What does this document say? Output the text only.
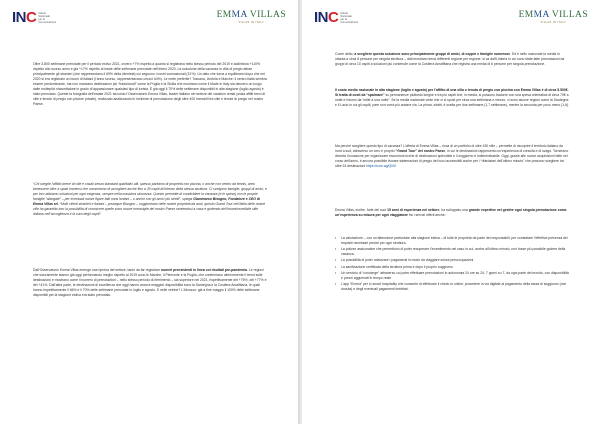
INC Istituto
Nazionale
per la
Comunicazione
EMMA VILLAS
VILLAS IN ITALY

Oltre 3.800 settimane prenotate per il periodo estivo 2021, ovvero +7% rispetto a quanto si registrava nello stesso periodo del 2019 e addirittura +110% rispetto allo scorso anno e già +17% rispetto al totale delle settimane prenotate nell’intero 2020. La soluzione della vacanza in villa di pregio attrae principalmente gli stranieri (che rappresentano il 69% della clientela) cui seguono i nostri connazionali (31%). Un dato che torna a equilibrarsi dopo che nel 2020 si era registrato un boom di italiani (l’anno scorso, rappresentavano circa il 64%). Le mete preferite? Toscana, Umbria e Marche: il centro Italia sembra essere predominante, ma non mancano destinazioni più “tradizionali” come la Puglia e la Sicilia che mostrano come il Made in Italy sia davvero un luogo dalle molteplici sfaccettature in grado di appassionare qualsiasi tipo di turista. È già oggi il 70% delle settimane disponibili in alta stagione (luglio-agosto) è stato prenotato. Queste la fotografia dell’estate 2021 secondo l’Osservatorio Emma Villas, leader italiano nel settore del vacation rental (ossia affitti brevi di ville e tenute di pregio con piscine private), realizzato analizzando le richieste di prenotazione degli oltre 400 immobili tra ville e tenute di pregio nel nostro Paese.

“Chi sceglie l’affitto breve di ville e casali senza standard qualitativi alti, spesso parliamo di proprietà con piscina, o anche con centro da tennis, area benessere oltre a spazi immensi che consentono di accogliere anche fino a 30 ospiti all’interno della stessa struttura. Ci scelgono famiglie, gruppi di amici, e per loro abbiamo soluzioni per ogni esigenza, sempre nella massima sicurezza. Questo permette di condividere la vacanza (e le spese) con le proprie famiglie “allargate” – per eventuali nuove figure fatti mesi lontani – o anche con gli amici più stretti”, spiega Giammarco Bisogno, Fondatore e CEO di Emma Villas srl. “Molti clienti stranieri e italiani – prosegue Bisogno – soggiornano nelle nostre proprietà da anni, questo Grand Tour nell’Italia delle nostre ville ha garantito loro la possibilità di conoscere quelle sono nuove meraviglie del nostro Paese sentendosi a casa e godendo dell’incontrovertibile stile italiano nell’accoglienza e la cura degli ospiti”.

Dall’Osservatorio Emma Villas emerge una ripresa del settore, tanto da far registrare numeri preesistenti in linea coi risultati pre-pandemia. Le regioni che sicuramente stanno già oggi performando meglio rispetto al 2019 sono le Marche, il Piemonte e la Puglia, che confermano ulteriormente il trend sulle destinazioni e mostrano come il numero di prenotazioni – nello stesso periodo di riferimento – sia superiore nel 2021, rispettivamente del +75%, del +77% e del +41%. Dall’altra parte, le destinazioni di eccellenza che oggi hanno ancora maggiori disponibilità sono la Sardegna e la Costiera Amalfitana, le quali hanno rispettivamente il 66% e il 70% delle settimane prenotate in luglio e agosto. E nelle vetrine? L’Abruzzo: già a fine maggio il 100% delle settimane disponibili per la stagione estiva era stato prenotato.

INC Istituto
Nazionale
per la
Comunicazione
EMMA VILLAS
VILLAS IN ITALY

Come detto, a scegliere questa soluzione sono principalmente gruppi di amici, di coppie e famiglie numerose. Ed è nello nazionale la media in ottanta a circa 8 persone per singola struttura – dati mostrano trend differenti regione per regione: si va dall’Umbria in cui sono state fatte prenotazioni da gruppi di circa 10 ospiti a soluzioni più contenute come la Costiera Amalfitana che registra una media di 6 persone per singola prenotazione.

Il costo medio nazionale in alta stagione (luglio e agosto) per l’affitto di una villa o tenuta di pregio con piscina con Emma Villas è di circa 5.500€. Si tratta di costi da “spalmare” su permanenze piuttosto lunghe e tra più ospiti che, in media, si possono tradurre con una spesa orientativa di circa 70€ a notte e intorno da “mille a una notte”. Se la media nazionale vede che ci si spost per circa una settimana e mezzo, vi sono alcune regioni come la Sardegna e il Lazio in cui gli ospiti, pare non vorrà più andare via. La prima, infatti, è scelta per due settimane (1,7 settimane), mentre la seconda per poco meno (1,6).

Ma perché scegliere questo tipo di vacanza? L’offerta di Emma Villas – ricca di un portfolio di oltre 430 ville – permette di riscoprire il territorio italiano da nord a sud, attraverso un vero e proprio “Grand Tour” del nostro Paese, in cui le destinazioni rappresento un’esperienza di crescita e di svago. Tornerano diventa l’occasione per organizzare escursioni ricche di destinazioni splendide e il soggiorno è indimenticabile. Oggi, grazie alle nuove acquisizioni fatte nel corso dell’anno, è ancora possibile trovare sistemazioni di pregio del luoci accessibili anche per i “ritardatari dell’ultimo minuto” che possono scegliere tra oltre 24 destinazioni https://uom.ag/Qh9I

Emma Villas, inoltre, forte dei suoi 15 anni di esperienza nel settore, ha sviluppato una grande expertise nel gestire ogni singola prenotazione come un’esperienza su misura per ogni viaggiatore fra i servizi offerti anche:

• La valutazione – con un’attenzione particolare alla stagione estiva – di tutte le proprietà da parte dei responsabili, per constatare l’effettiva presenza dei requisiti necessari precisi per ogni struttura.
• La polizze assicurative che permettono di poter recuperare l’investimento nel caso in cui, anche all’ultimo minuto, non fosse più possibile godere della vacanza.
• La possibilità di poter rateizzare i pagamenti in modo da viaggiare senza preoccupazioni
• La sanificazione certificata della struttura prima e dopo il proprio soggiorno
• Un servizio di “concierge” attraverso cui poter effettuare prenotazioni in autonomia 24 ore su 24, 7 giorni su 7, da ogni parte del mondo, con disponibilità e prezzi aggiornati in tempo reale
• L’app “Emma” per lo smart hospitality che consente di effettuare il check-in online; procedere in via digitale al pagamento della tassa di soggiorno (ove dovuta) e degli eventuali pagamenti forfettari.
